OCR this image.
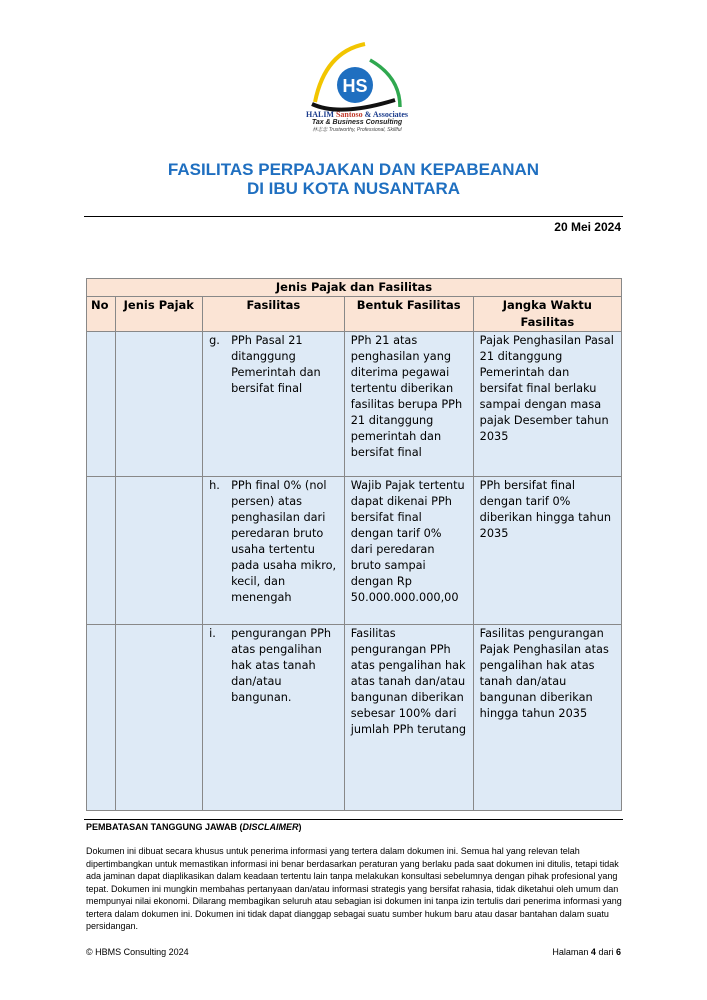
HS
HALIM Santoso & Associates
Tax & Business Consulting
林志忠 Trustworthy, Professional, Skillful
FASILITAS PERPAJAKAN DAN KEPABEANAN
DI IBU KOTA NUSANTARA
20 Mei 2024
Jenis Pajak dan Fasilitas				
No	Jenis Pajak	Fasilitas	Bentuk Fasilitas	Jangka Waktu Fasilitas

		g. PPh Pasal 21 ditanggung Pemerintah dan bersifat final	PPh 21 atas penghasilan yang diterima pegawai tertentu diberikan fasilitas berupa PPh 21 ditanggung pemerintah dan bersifat final	Pajak Penghasilan Pasal 21 ditanggung Pemerintah dan bersifat final berlaku sampai dengan masa pajak Desember tahun 2035

		h. PPh final 0% (nol persen) atas penghasilan dari peredaran bruto usaha tertentu pada usaha mikro, kecil, dan menengah	Wajib Pajak tertentu dapat dikenai PPh bersifat final dengan tarif 0% dari peredaran bruto sampai dengan Rp 50.000.000.000,00	PPh bersifat final dengan tarif 0% diberikan hingga tahun 2035

		i. pengurangan PPh atas pengalihan hak atas tanah dan/atau bangunan.	Fasilitas pengurangan PPh atas pengalihan hak atas tanah dan/atau bangunan diberikan sebesar 100% dari jumlah PPh terutang	Fasilitas pengurangan Pajak Penghasilan atas pengalihan hak atas tanah dan/atau bangunan diberikan hingga tahun 2035
PEMBATASAN TANGGUNG JAWAB (DISCLAIMER)
Dokumen ini dibuat secara khusus untuk penerima informasi yang tertera dalam dokumen ini. Semua hal yang relevan telah dipertimbangkan untuk memastikan informasi ini benar berdasarkan peraturan yang berlaku pada saat dokumen ini ditulis, tetapi tidak ada jaminan dapat diaplikasikan dalam keadaan tertentu lain tanpa melakukan konsultasi sebelumnya dengan pihak profesional yang tepat. Dokumen ini mungkin membahas pertanyaan dan/atau informasi strategis yang bersifat rahasia, tidak diketahui oleh umum dan mempunyai nilai ekonomi. Dilarang membagikan seluruh atau sebagian isi dokumen ini tanpa izin tertulis dari penerima informasi yang tertera dalam dokumen ini. Dokumen ini tidak dapat dianggap sebagai suatu sumber hukum baru atau dasar bantahan dalam suatu persidangan.
© HBMS Consulting 2024	Halaman 4 dari 6
